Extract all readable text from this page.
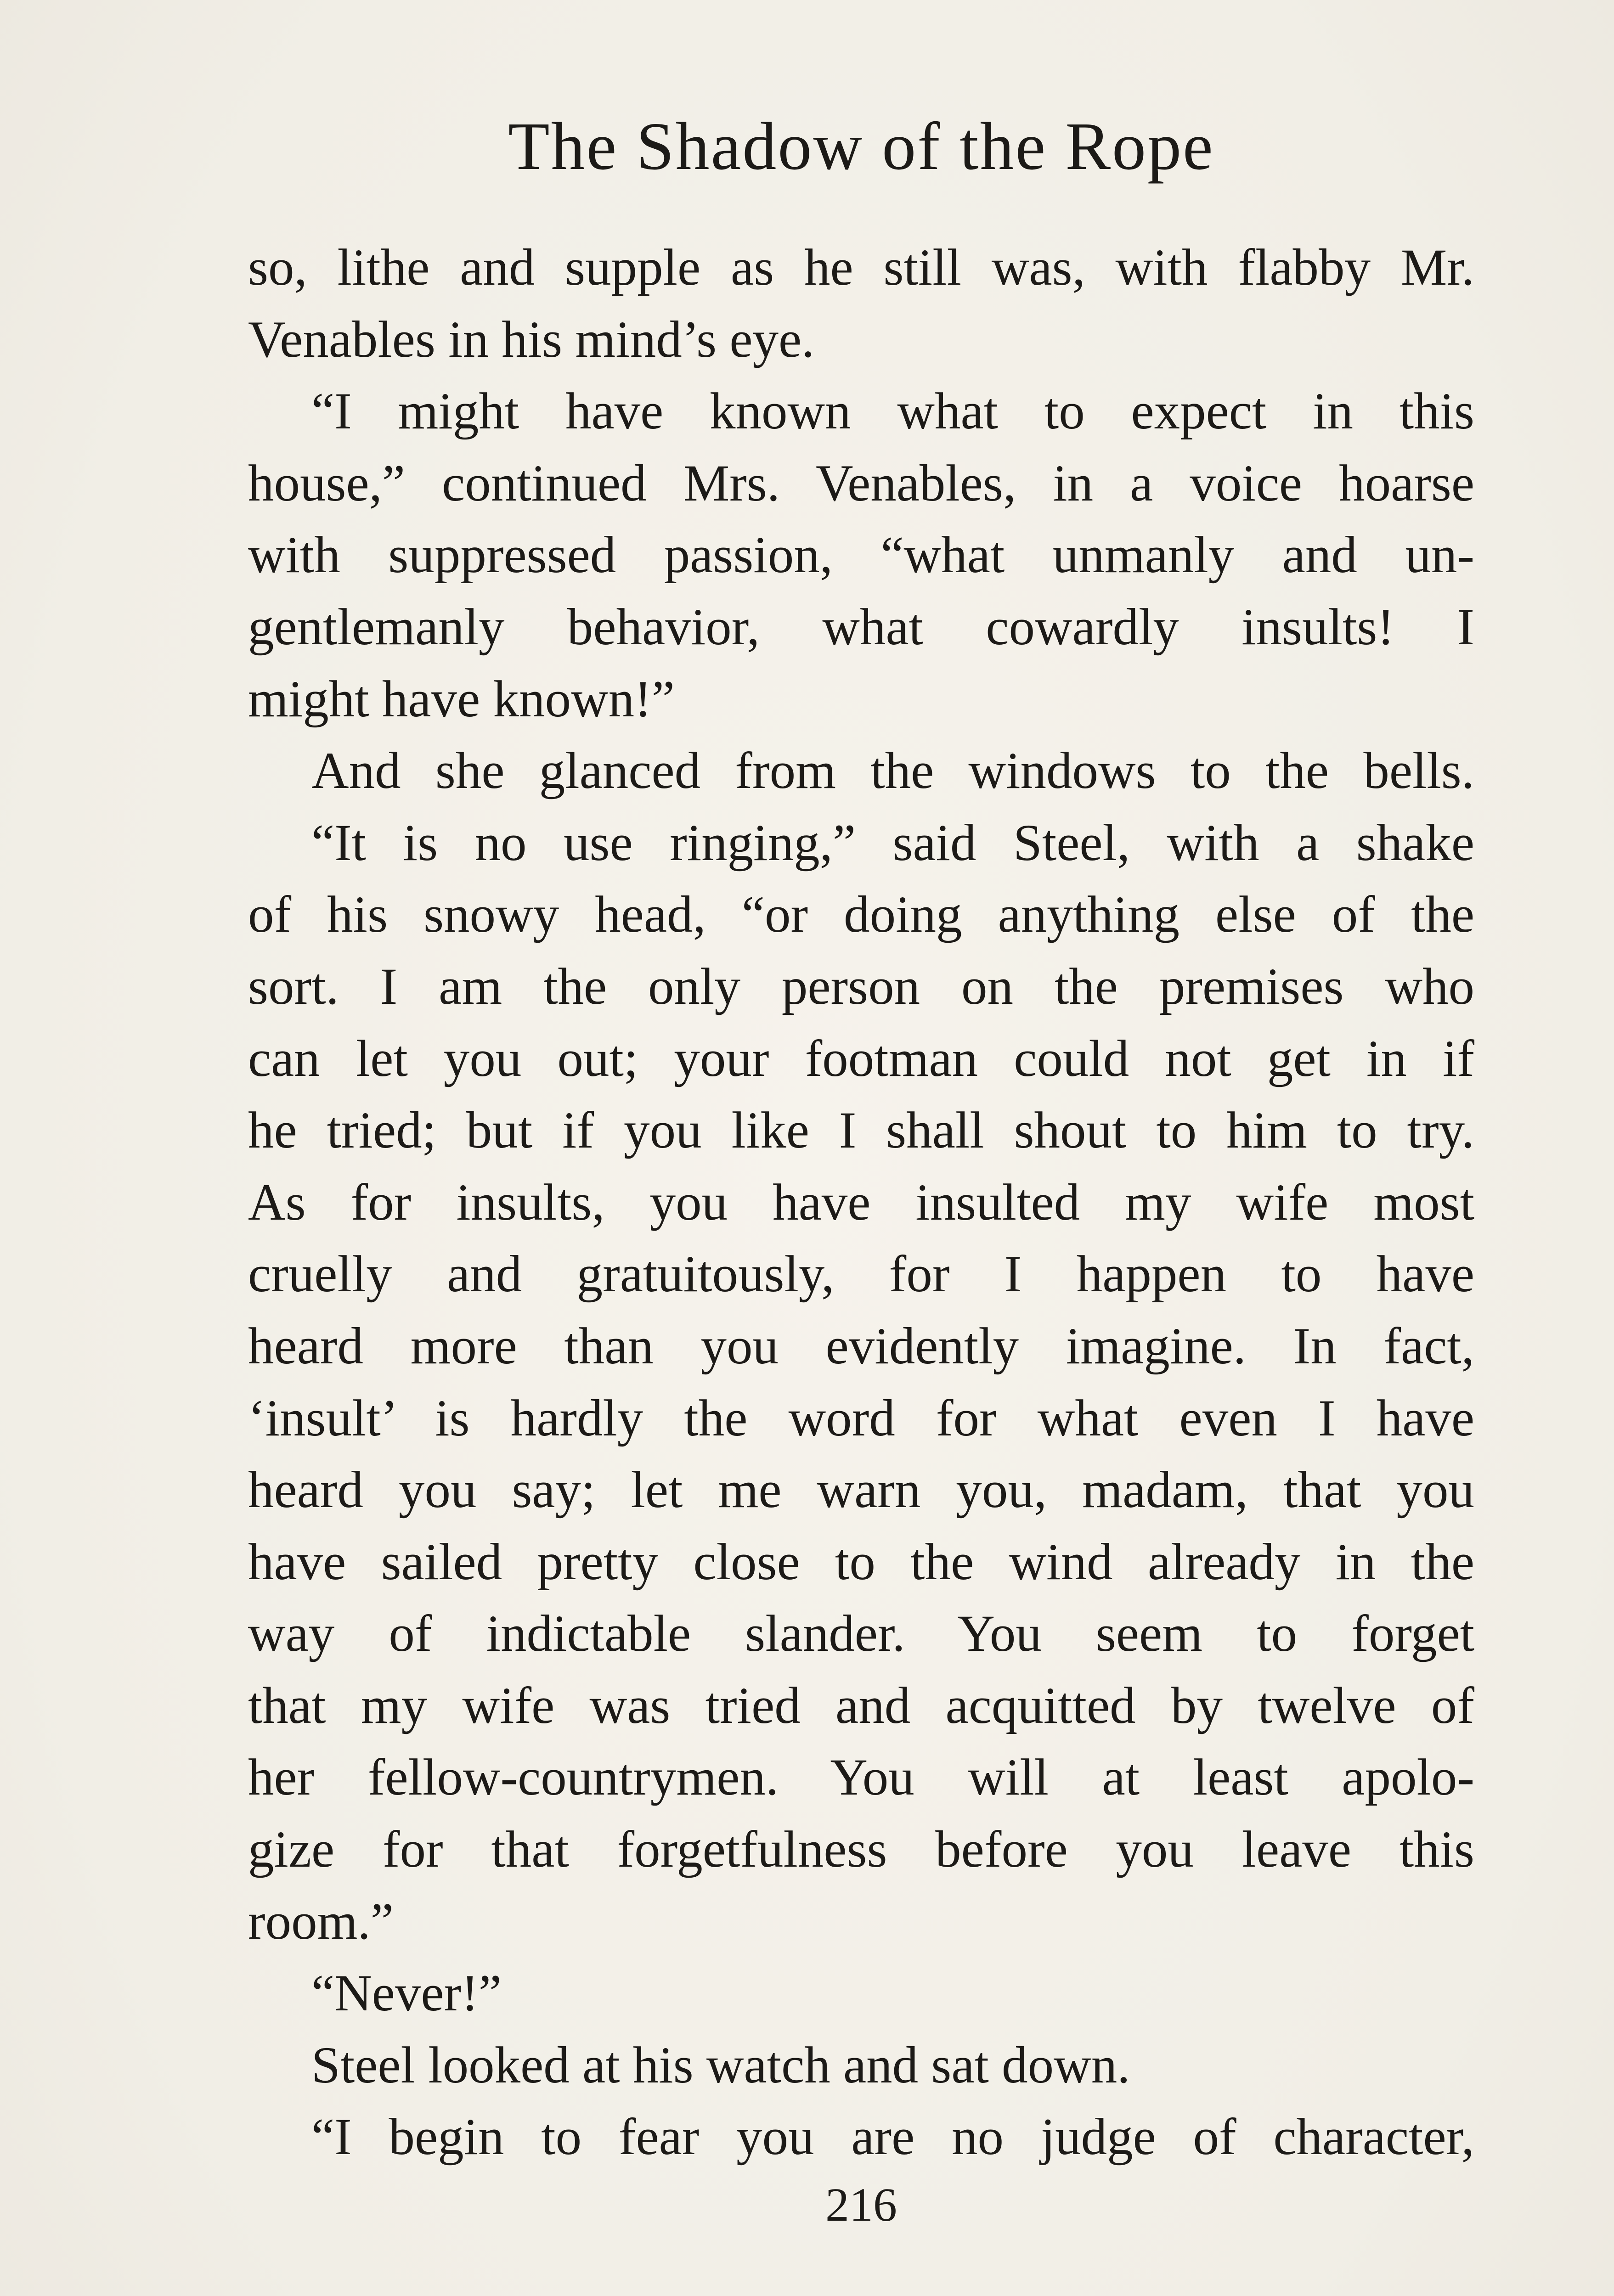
The Shadow of the Rope
so, lithe and supple as he still was, with flabby Mr.
Venables in his mind’s eye.
“I might have known what to expect in this
house,” continued Mrs. Venables, in a voice hoarse
with suppressed passion, “what unmanly and un-
gentlemanly behavior, what cowardly insults! I
might have known!”
And she glanced from the windows to the bells.
“It is no use ringing,” said Steel, with a shake
of his snowy head, “or doing anything else of the
sort. I am the only person on the premises who
can let you out; your footman could not get in if
he tried; but if you like I shall shout to him to try.
As for insults, you have insulted my wife most
cruelly and gratuitously, for I happen to have
heard more than you evidently imagine. In fact,
‘insult’ is hardly the word for what even I have
heard you say; let me warn you, madam, that you
have sailed pretty close to the wind already in the
way of indictable slander. You seem to forget
that my wife was tried and acquitted by twelve of
her fellow-countrymen. You will at least apolo-
gize for that forgetfulness before you leave this
room.”
“Never!”
Steel looked at his watch and sat down.
“I begin to fear you are no judge of character,
216
